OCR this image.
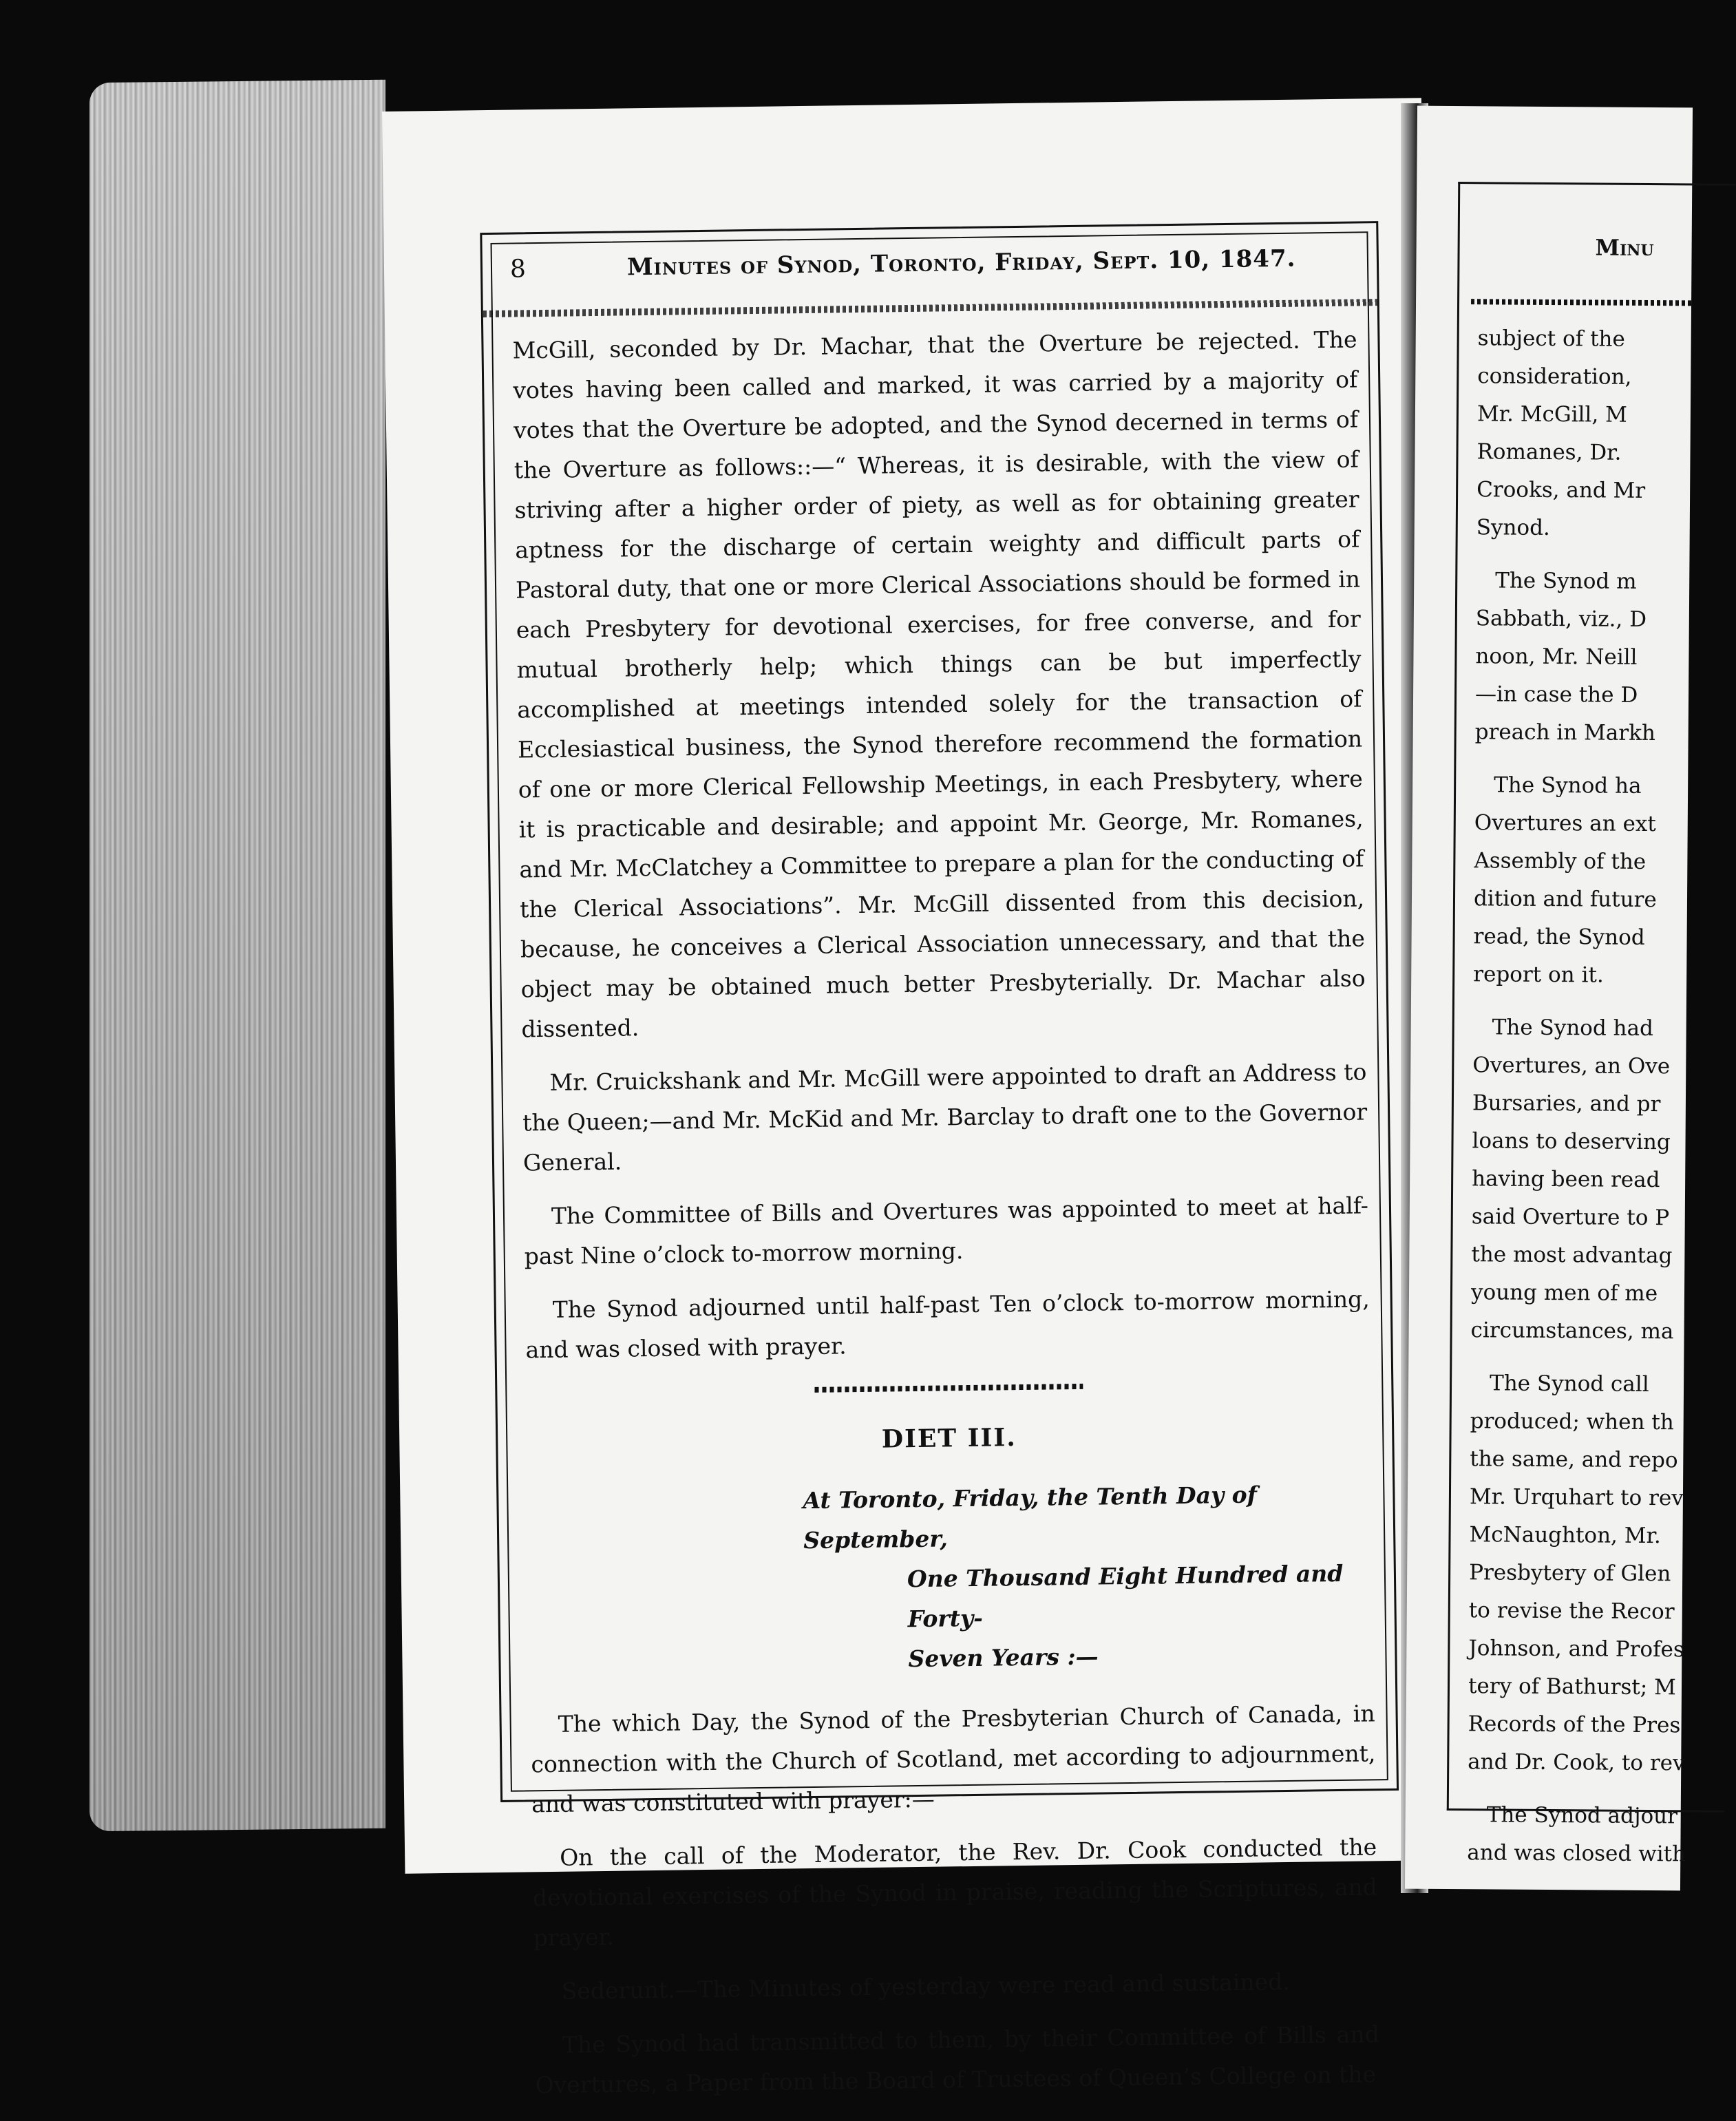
8	Minutes of Synod, Toronto, Friday, Sept. 10, 1847.

McGill, seconded by Dr. Machar, that the Overture be rejected. The votes having been called and marked, it was carried by a majority of votes that the Overture be adopted, and the Synod decerned in terms of the Overture as follows::—“ Whereas, it is desirable, with the view of striving after a higher order of piety, as well as for obtaining greater aptness for the discharge of certain weighty and difficult parts of Pastoral duty, that one or more Clerical Associations should be formed in each Presbytery for devotional exercises, for free converse, and for mutual brotherly help; which things can be but imperfectly accomplished at meetings intended solely for the transaction of Ecclesiastical business, the Synod therefore recommend the formation of one or more Clerical Fellowship Meetings, in each Presbytery, where it is practicable and desirable; and appoint Mr. George, Mr. Romanes, and Mr. McClatchey a Committee to prepare a plan for the conducting of the Clerical Associations”. Mr. McGill dissented from this decision, because, he conceives a Clerical Association unnecessary, and that the object may be obtained much better Presbyterially. Dr. Machar also dissented.

Mr. Cruickshank and Mr. McGill were appointed to draft an Address to the Queen;—and Mr. McKid and Mr. Barclay to draft one to the Governor General.

The Committee of Bills and Overtures was appointed to meet at half-past Nine o’clock to-morrow morning.

The Synod adjourned until half-past Ten o’clock to-morrow morning, and was closed with prayer.

DIET III.
At Toronto, Friday, the Tenth Day of September,
One Thousand Eight Hundred and Forty-
Seven Years :—

The which Day, the Synod of the Presbyterian Church of Canada, in connection with the Church of Scotland, met according to adjournment, and was constituted with prayer:—

On the call of the Moderator, the Rev. Dr. Cook conducted the devotional exercises of the Synod in praise, reading the Scriptures, and prayer.

Sederunt.—The Minutes of yesterday were read and sustained.

The Synod had transmitted to them, by their Committee of Bills and Overtures, a Paper from the Board of Trustees of Queen’s College on the

Minu
subject of the
consideration,
Mr. McGill, M
Romanes, Dr.
Crooks, and Mr
Synod.
The Synod m
Sabbath, viz., D
noon, Mr. Neill
—in case the D
preach in Markh
The Synod ha
Overtures an ext
Assembly of the
dition and future
read, the Synod
report on it.
The Synod had
Overtures, an Ove
Bursaries, and pr
loans to deserving
having been read
said Overture to P
the most advantag
young men of me
circumstances, ma
The Synod call
produced; when th
the same, and repo
Mr. Urquhart to rev
McNaughton, Mr.
Presbytery of Glen
to revise the Recor
Johnson, and Profes
tery of Bathurst; M
Records of the Pres
and Dr. Cook, to rev
The Synod adjour
and was closed with
